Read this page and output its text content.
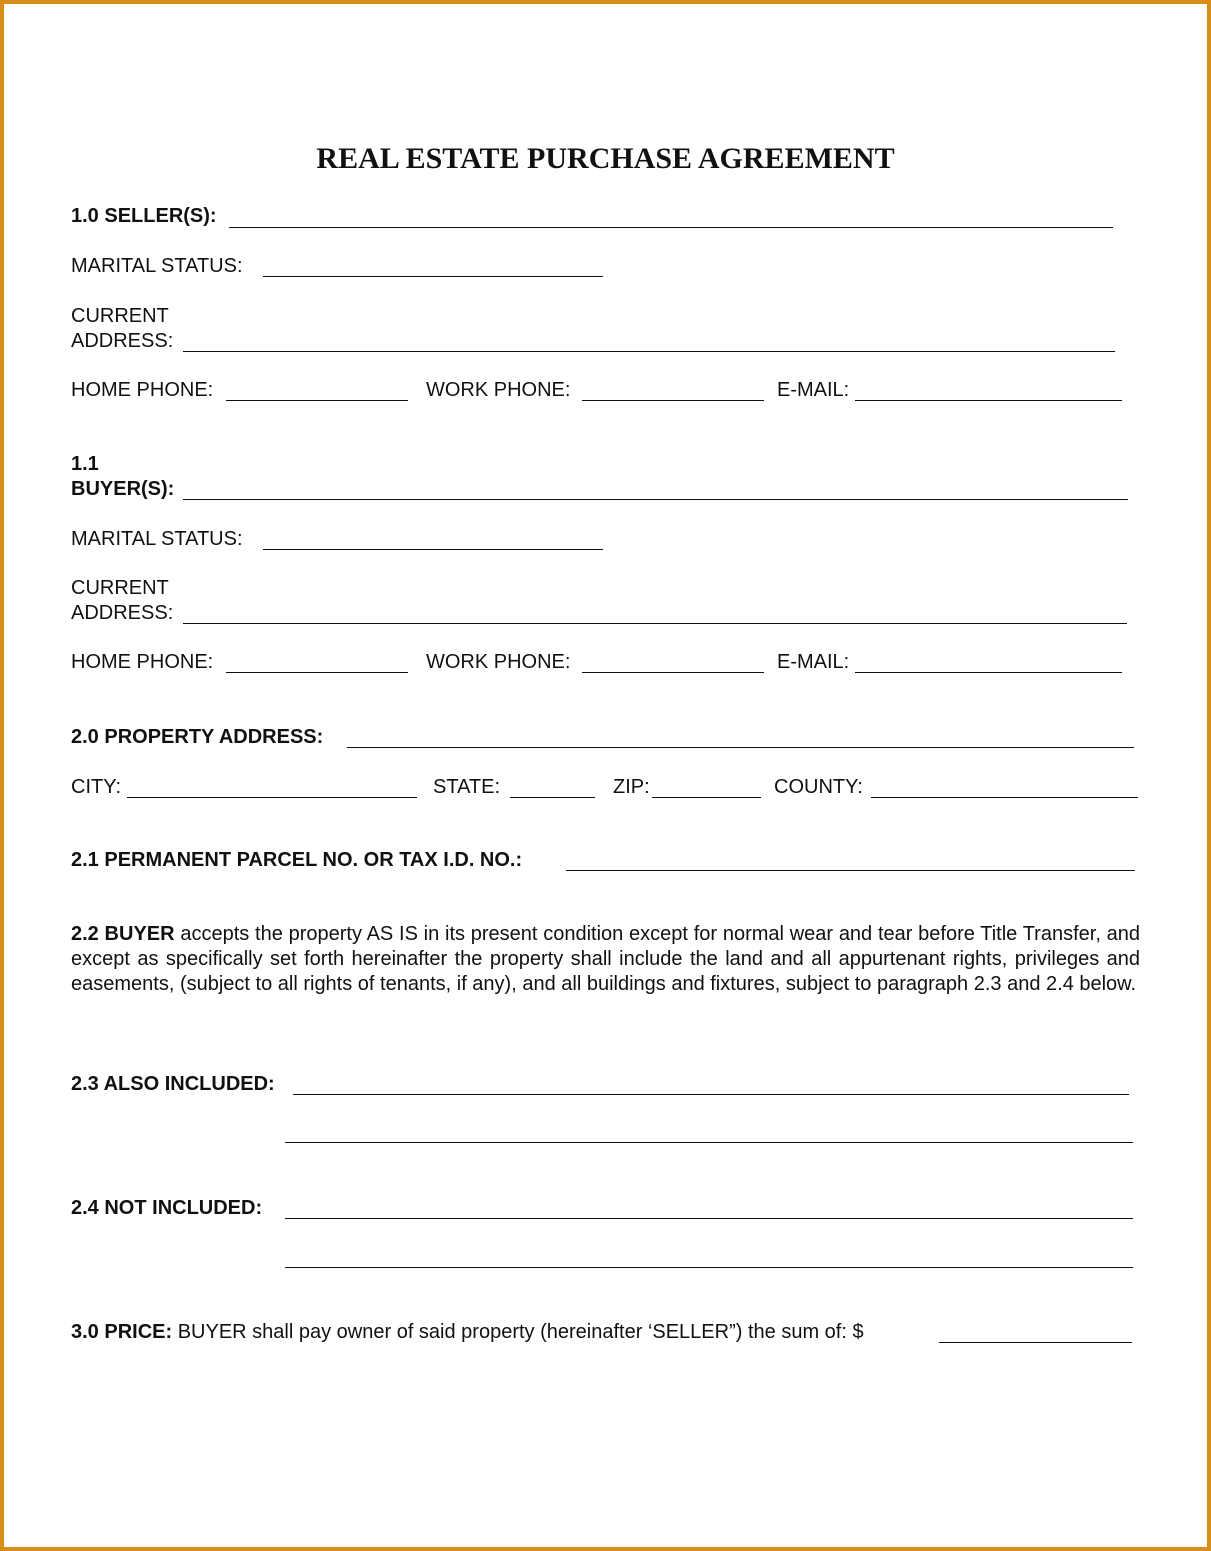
REAL ESTATE PURCHASE AGREEMENT
1.0 SELLER(S):
MARITAL STATUS:
CURRENT
ADDRESS:
HOME PHONE:	WORK PHONE:	E-MAIL:
1.1
BUYER(S):
MARITAL STATUS:
CURRENT
ADDRESS:
HOME PHONE:	WORK PHONE:	E-MAIL:
2.0 PROPERTY ADDRESS:
CITY:	STATE:	ZIP:	COUNTY:
2.1 PERMANENT PARCEL NO. OR TAX I.D. NO.:
2.2 BUYER accepts the property AS IS in its present condition except for normal wear and tear before Title Transfer, and except as specifically set forth hereinafter the property shall include the land and all appurtenant rights, privileges and easements, (subject to all rights of tenants, if any), and all buildings and fixtures, subject to paragraph 2.3 and 2.4 below.
2.3 ALSO INCLUDED:
2.4 NOT INCLUDED:
3.0 PRICE: BUYER shall pay owner of said property (hereinafter ‘SELLER”) the sum of: $
